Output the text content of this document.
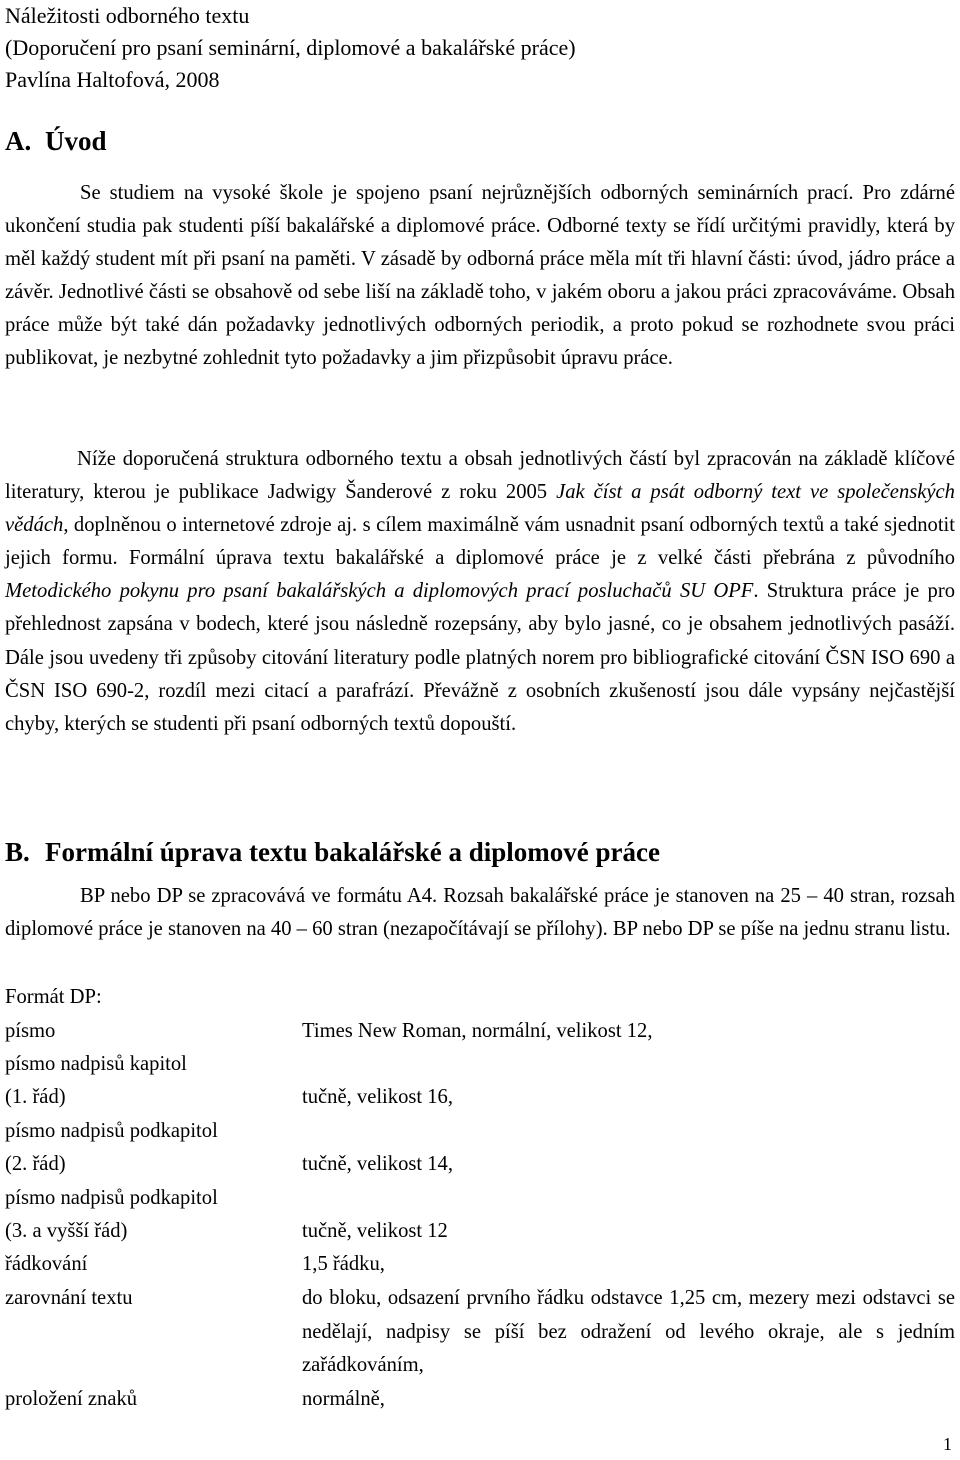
Náležitosti odborného textu
(Doporučení pro psaní seminární, diplomové a bakalářské práce)
Pavlína Haltofová, 2008
A. Úvod

Se studiem na vysoké škole je spojeno psaní nejrůznějších odborných seminárních prací. Pro zdárné ukončení studia pak studenti píší bakalářské a diplomové práce. Odborné texty se řídí určitými pravidly, která by měl každý student mít při psaní na paměti. V zásadě by odborná práce měla mít tři hlavní části: úvod, jádro práce a závěr. Jednotlivé části se obsahově od sebe liší na základě toho, v jakém oboru a jakou práci zpracováváme. Obsah práce může být také dán požadavky jednotlivých odborných periodik, a proto pokud se rozhodnete svou práci publikovat, je nezbytné zohlednit tyto požadavky a jim přizpůsobit úpravu práce.

Níže doporučená struktura odborného textu a obsah jednotlivých částí byl zpracován na základě klíčové literatury, kterou je publikace Jadwigy Šanderové z roku 2005 Jak číst a psát odborný text ve společenských vědách, doplněnou o internetové zdroje aj. s cílem maximálně vám usnadnit psaní odborných textů a také sjednotit jejich formu. Formální úprava textu bakalářské a diplomové práce je z velké části přebrána z původního Metodického pokynu pro psaní bakalářských a diplomových prací posluchačů SU OPF. Struktura práce je pro přehlednost zapsána v bodech, které jsou následně rozepsány, aby bylo jasné, co je obsahem jednotlivých pasáží. Dále jsou uvedeny tři způsoby citování literatury podle platných norem pro bibliografické citování ČSN ISO 690 a ČSN ISO 690-2, rozdíl mezi citací a parafrází. Převážně z osobních zkušeností jsou dále vypsány nejčastější chyby, kterých se studenti při psaní odborných textů dopouští.

B. Formální úprava textu bakalářské a diplomové práce

BP nebo DP se zpracovává ve formátu A4. Rozsah bakalářské práce je stanoven na 25 – 40 stran, rozsah diplomové práce je stanoven na 40 – 60 stran (nezapočítávají se přílohy). BP nebo DP se píše na jednu stranu listu.

Formát DP:
písmo	Times New Roman, normální, velikost 12,
písmo nadpisů kapitol
(1. řád)	tučně, velikost 16,
písmo nadpisů podkapitol
(2. řád)	tučně, velikost 14,
písmo nadpisů podkapitol
(3. a vyšší řád)	tučně, velikost 12
řádkování	1,5 řádku,
zarovnání textu	do bloku, odsazení prvního řádku odstavce 1,25 cm, mezery mezi odstavci se nedělají, nadpisy se píší bez odražení od levého okraje, ale s jedním zařádkováním,
proložení znaků	normálně,
1
